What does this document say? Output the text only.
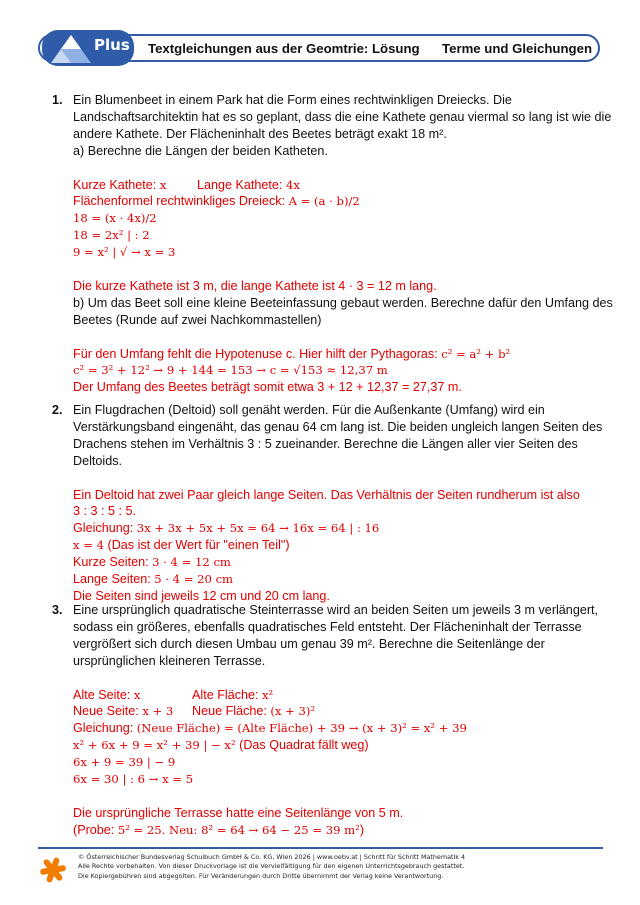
Plus Textgleichungen aus der Geomtrie: Lösung Terme und Gleichungen
1. Ein Blumenbeet in einem Park hat die Form eines rechtwinkligen Dreiecks. Die
Landschaftsarchitektin hat es so geplant, dass die eine Kathete genau viermal so lang ist wie die
andere Kathete. Der Flächeninhalt des Beetes beträgt exakt 18 m².
a) Berechne die Längen der beiden Katheten.
Kurze Kathete: x Lange Kathete: 4x
Flächenformel rechtwinkliges Dreieck: A = (a · b)/2
18 = (x · 4x)/2
18 = 2x² | : 2
9 = x² | √ → x = 3
Die kurze Kathete ist 3 m, die lange Kathete ist 4 · 3 = 12 m lang.
b) Um das Beet soll eine kleine Beeteinfassung gebaut werden. Berechne dafür den Umfang des
Beetes (Runde auf zwei Nachkommastellen)
Für den Umfang fehlt die Hypotenuse c. Hier hilft der Pythagoras: c² = a² + b²
c² = 3² + 12² → 9 + 144 = 153 → c = √153 ≈ 12,37 m
Der Umfang des Beetes beträgt somit etwa 3 + 12 + 12,37 = 27,37 m.
2. Ein Flugdrachen (Deltoid) soll genäht werden. Für die Außenkante (Umfang) wird ein
Verstärkungsband eingenäht, das genau 64 cm lang ist. Die beiden ungleich langen Seiten des
Drachens stehen im Verhältnis 3 : 5 zueinander. Berechne die Längen aller vier Seiten des
Deltoids.
Ein Deltoid hat zwei Paar gleich lange Seiten. Das Verhältnis der Seiten rundherum ist also
3 : 3 : 5 : 5.
Gleichung: 3x + 3x + 5x + 5x = 64 → 16x = 64 | : 16
x = 4 (Das ist der Wert für "einen Teil")
Kurze Seiten: 3 · 4 = 12 cm
Lange Seiten: 5 · 4 = 20 cm
Die Seiten sind jeweils 12 cm und 20 cm lang.
3. Eine ursprünglich quadratische Steinterrasse wird an beiden Seiten um jeweils 3 m verlängert,
sodass ein größeres, ebenfalls quadratisches Feld entsteht. Der Flächeninhalt der Terrasse
vergrößert sich durch diesen Umbau um genau 39 m². Berechne die Seitenlänge der
ursprünglichen kleineren Terrasse.
Alte Seite: x	Alte Fläche: x²
Neue Seite: x + 3 Neue Fläche: (x + 3)²
Gleichung: (Neue Fläche) = (Alte Fläche) + 39 → (x + 3)² = x² + 39
x² + 6x + 9 = x² + 39 | − x² (Das Quadrat fällt weg)
6x + 9 = 39 | − 9
6x = 30 | : 6 → x = 5
Die ursprüngliche Terrasse hatte eine Seitenlänge von 5 m.
(Probe: 5² = 25. Neu: 8² = 64 → 64 − 25 = 39 m²)
© Österreichischer Bundesverlag Schulbuch GmbH & Co. KG, Wien 2026 | www.oebv.at | Schritt für Schritt Mathematik 4
Alle Rechte vorbehalten. Von dieser Druckvorlage ist die Vervielfältigung für den eigenen Unterrichtsgebrauch gestattet.
Die Kopiergebühren sind abgegolten. Für Veränderungen durch Dritte übernimmt der Verlag keine Verantwortung.
